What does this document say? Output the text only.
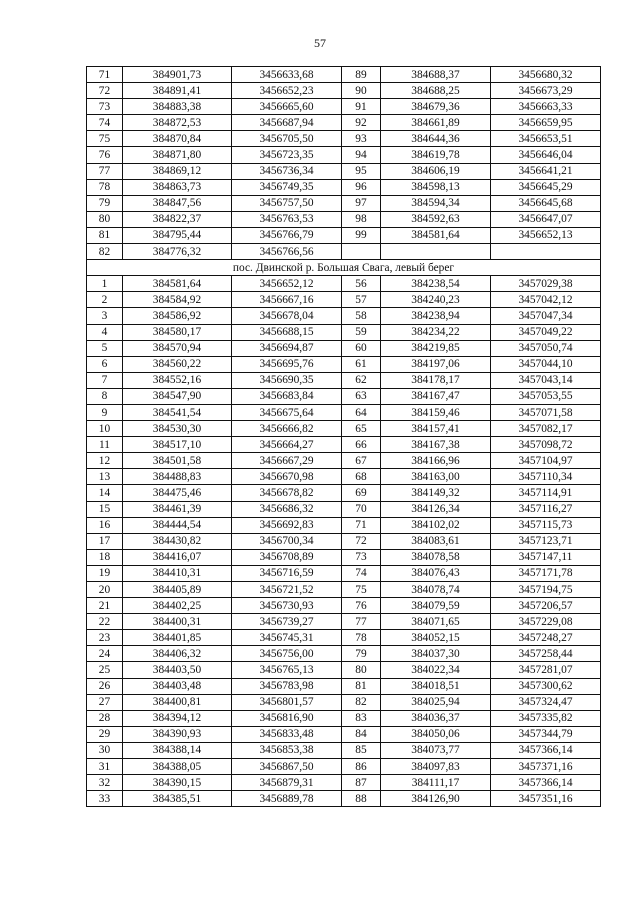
57
71	384901,73	3456633,68	89	384688,37	3456680,32
72	384891,41	3456652,23	90	384688,25	3456673,29
73	384883,38	3456665,60	91	384679,36	3456663,33
74	384872,53	3456687,94	92	384661,89	3456659,95
75	384870,84	3456705,50	93	384644,36	3456653,51
76	384871,80	3456723,35	94	384619,78	3456646,04
77	384869,12	3456736,34	95	384606,19	3456641,21
78	384863,73	3456749,35	96	384598,13	3456645,29
79	384847,56	3456757,50	97	384594,34	3456645,68
80	384822,37	3456763,53	98	384592,63	3456647,07
81	384795,44	3456766,79	99	384581,64	3456652,13
82	384776,32	3456766,56			
пос. Двинской р. Большая Свага, левый берег					
1	384581,64	3456652,12	56	384238,54	3457029,38
2	384584,92	3456667,16	57	384240,23	3457042,12
3	384586,92	3456678,04	58	384238,94	3457047,34
4	384580,17	3456688,15	59	384234,22	3457049,22
5	384570,94	3456694,87	60	384219,85	3457050,74
6	384560,22	3456695,76	61	384197,06	3457044,10
7	384552,16	3456690,35	62	384178,17	3457043,14
8	384547,90	3456683,84	63	384167,47	3457053,55
9	384541,54	3456675,64	64	384159,46	3457071,58
10	384530,30	3456666,82	65	384157,41	3457082,17
11	384517,10	3456664,27	66	384167,38	3457098,72
12	384501,58	3456667,29	67	384166,96	3457104,97
13	384488,83	3456670,98	68	384163,00	3457110,34
14	384475,46	3456678,82	69	384149,32	3457114,91
15	384461,39	3456686,32	70	384126,34	3457116,27
16	384444,54	3456692,83	71	384102,02	3457115,73
17	384430,82	3456700,34	72	384083,61	3457123,71
18	384416,07	3456708,89	73	384078,58	3457147,11
19	384410,31	3456716,59	74	384076,43	3457171,78
20	384405,89	3456721,52	75	384078,74	3457194,75
21	384402,25	3456730,93	76	384079,59	3457206,57
22	384400,31	3456739,27	77	384071,65	3457229,08
23	384401,85	3456745,31	78	384052,15	3457248,27
24	384406,32	3456756,00	79	384037,30	3457258,44
25	384403,50	3456765,13	80	384022,34	3457281,07
26	384403,48	3456783,98	81	384018,51	3457300,62
27	384400,81	3456801,57	82	384025,94	3457324,47
28	384394,12	3456816,90	83	384036,37	3457335,82
29	384390,93	3456833,48	84	384050,06	3457344,79
30	384388,14	3456853,38	85	384073,77	3457366,14
31	384388,05	3456867,50	86	384097,83	3457371,16
32	384390,15	3456879,31	87	384111,17	3457366,14
33	384385,51	3456889,78	88	384126,90	3457351,16
